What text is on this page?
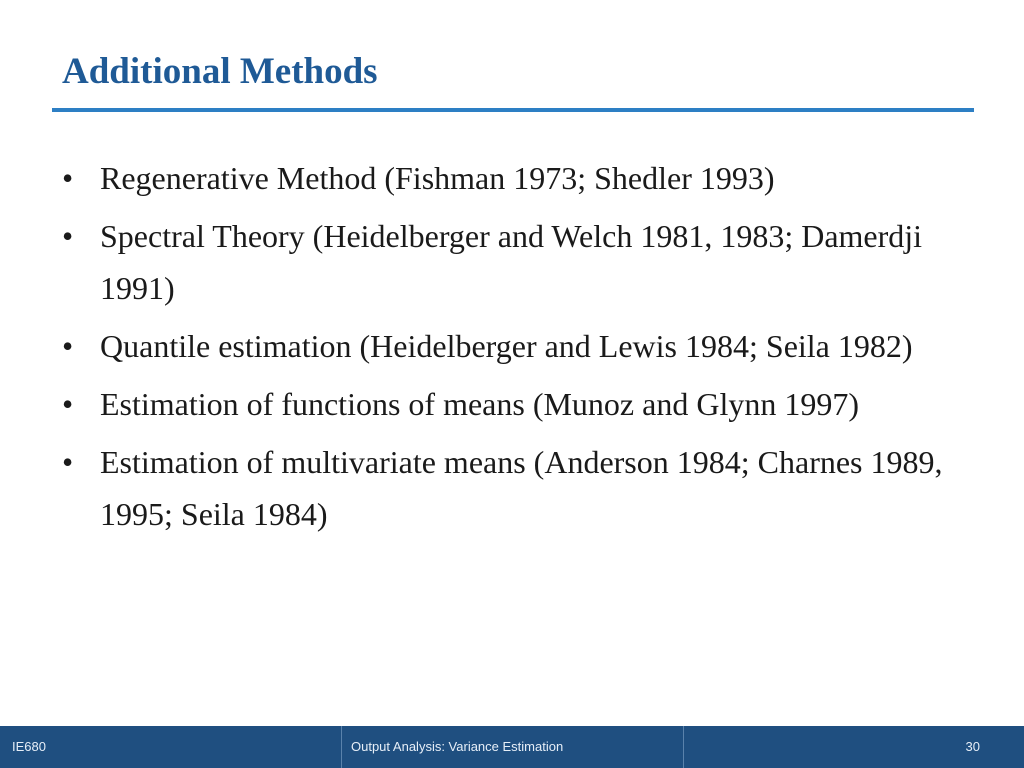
Additional Methods
• Regenerative Method (Fishman 1973; Shedler 1993)
• Spectral Theory (Heidelberger and Welch 1981, 1983; Damerdji 1991)
• Quantile estimation (Heidelberger and Lewis 1984; Seila 1982)
• Estimation of functions of means (Munoz and Glynn 1997)
• Estimation of multivariate means (Anderson 1984; Charnes 1989, 1995; Seila 1984)
IE680	Output Analysis: Variance Estimation	30
